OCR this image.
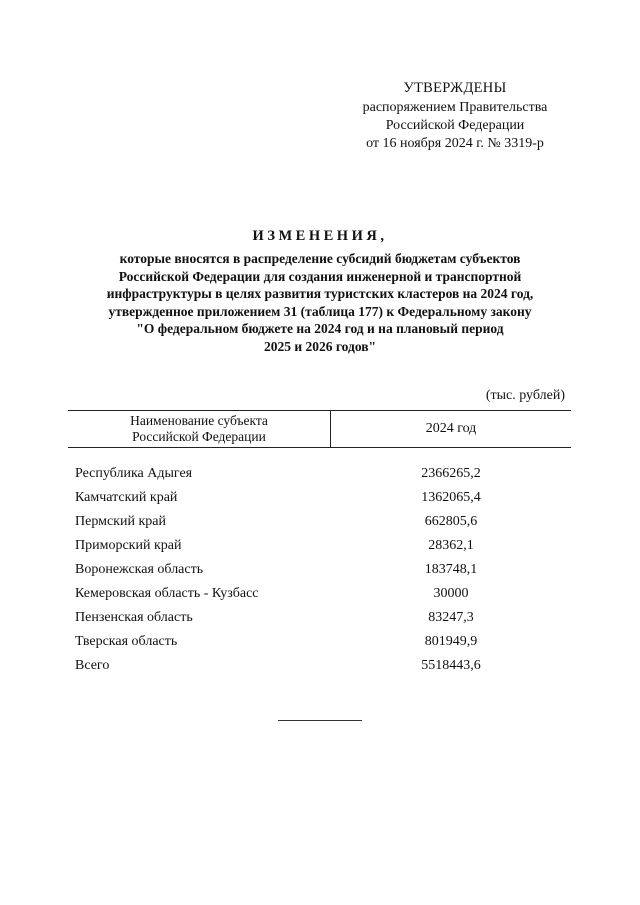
УТВЕРЖДЕНЫ
распоряжением Правительства
Российской Федерации
от 16 ноября 2024 г. № 3319-р
ИЗМЕНЕНИЯ,
которые вносятся в распределение субсидий бюджетам субъектов
Российской Федерации для создания инженерной и транспортной
инфраструктуры в целях развития туристских кластеров на 2024 год,
утвержденное приложением 31 (таблица 177) к Федеральному закону
"О федеральном бюджете на 2024 год и на плановый период
2025 и 2026 годов"
(тыс. рублей)
Наименование субъекта
Российской Федерации
2024 год
Республика Адыгея	2366265,2
Камчатский край	1362065,4
Пермский край	662805,6
Приморский край	28362,1
Воронежская область	183748,1
Кемеровская область - Кузбасс	30000
Пензенская область	83247,3
Тверская область	801949,9
Всего	5518443,6
